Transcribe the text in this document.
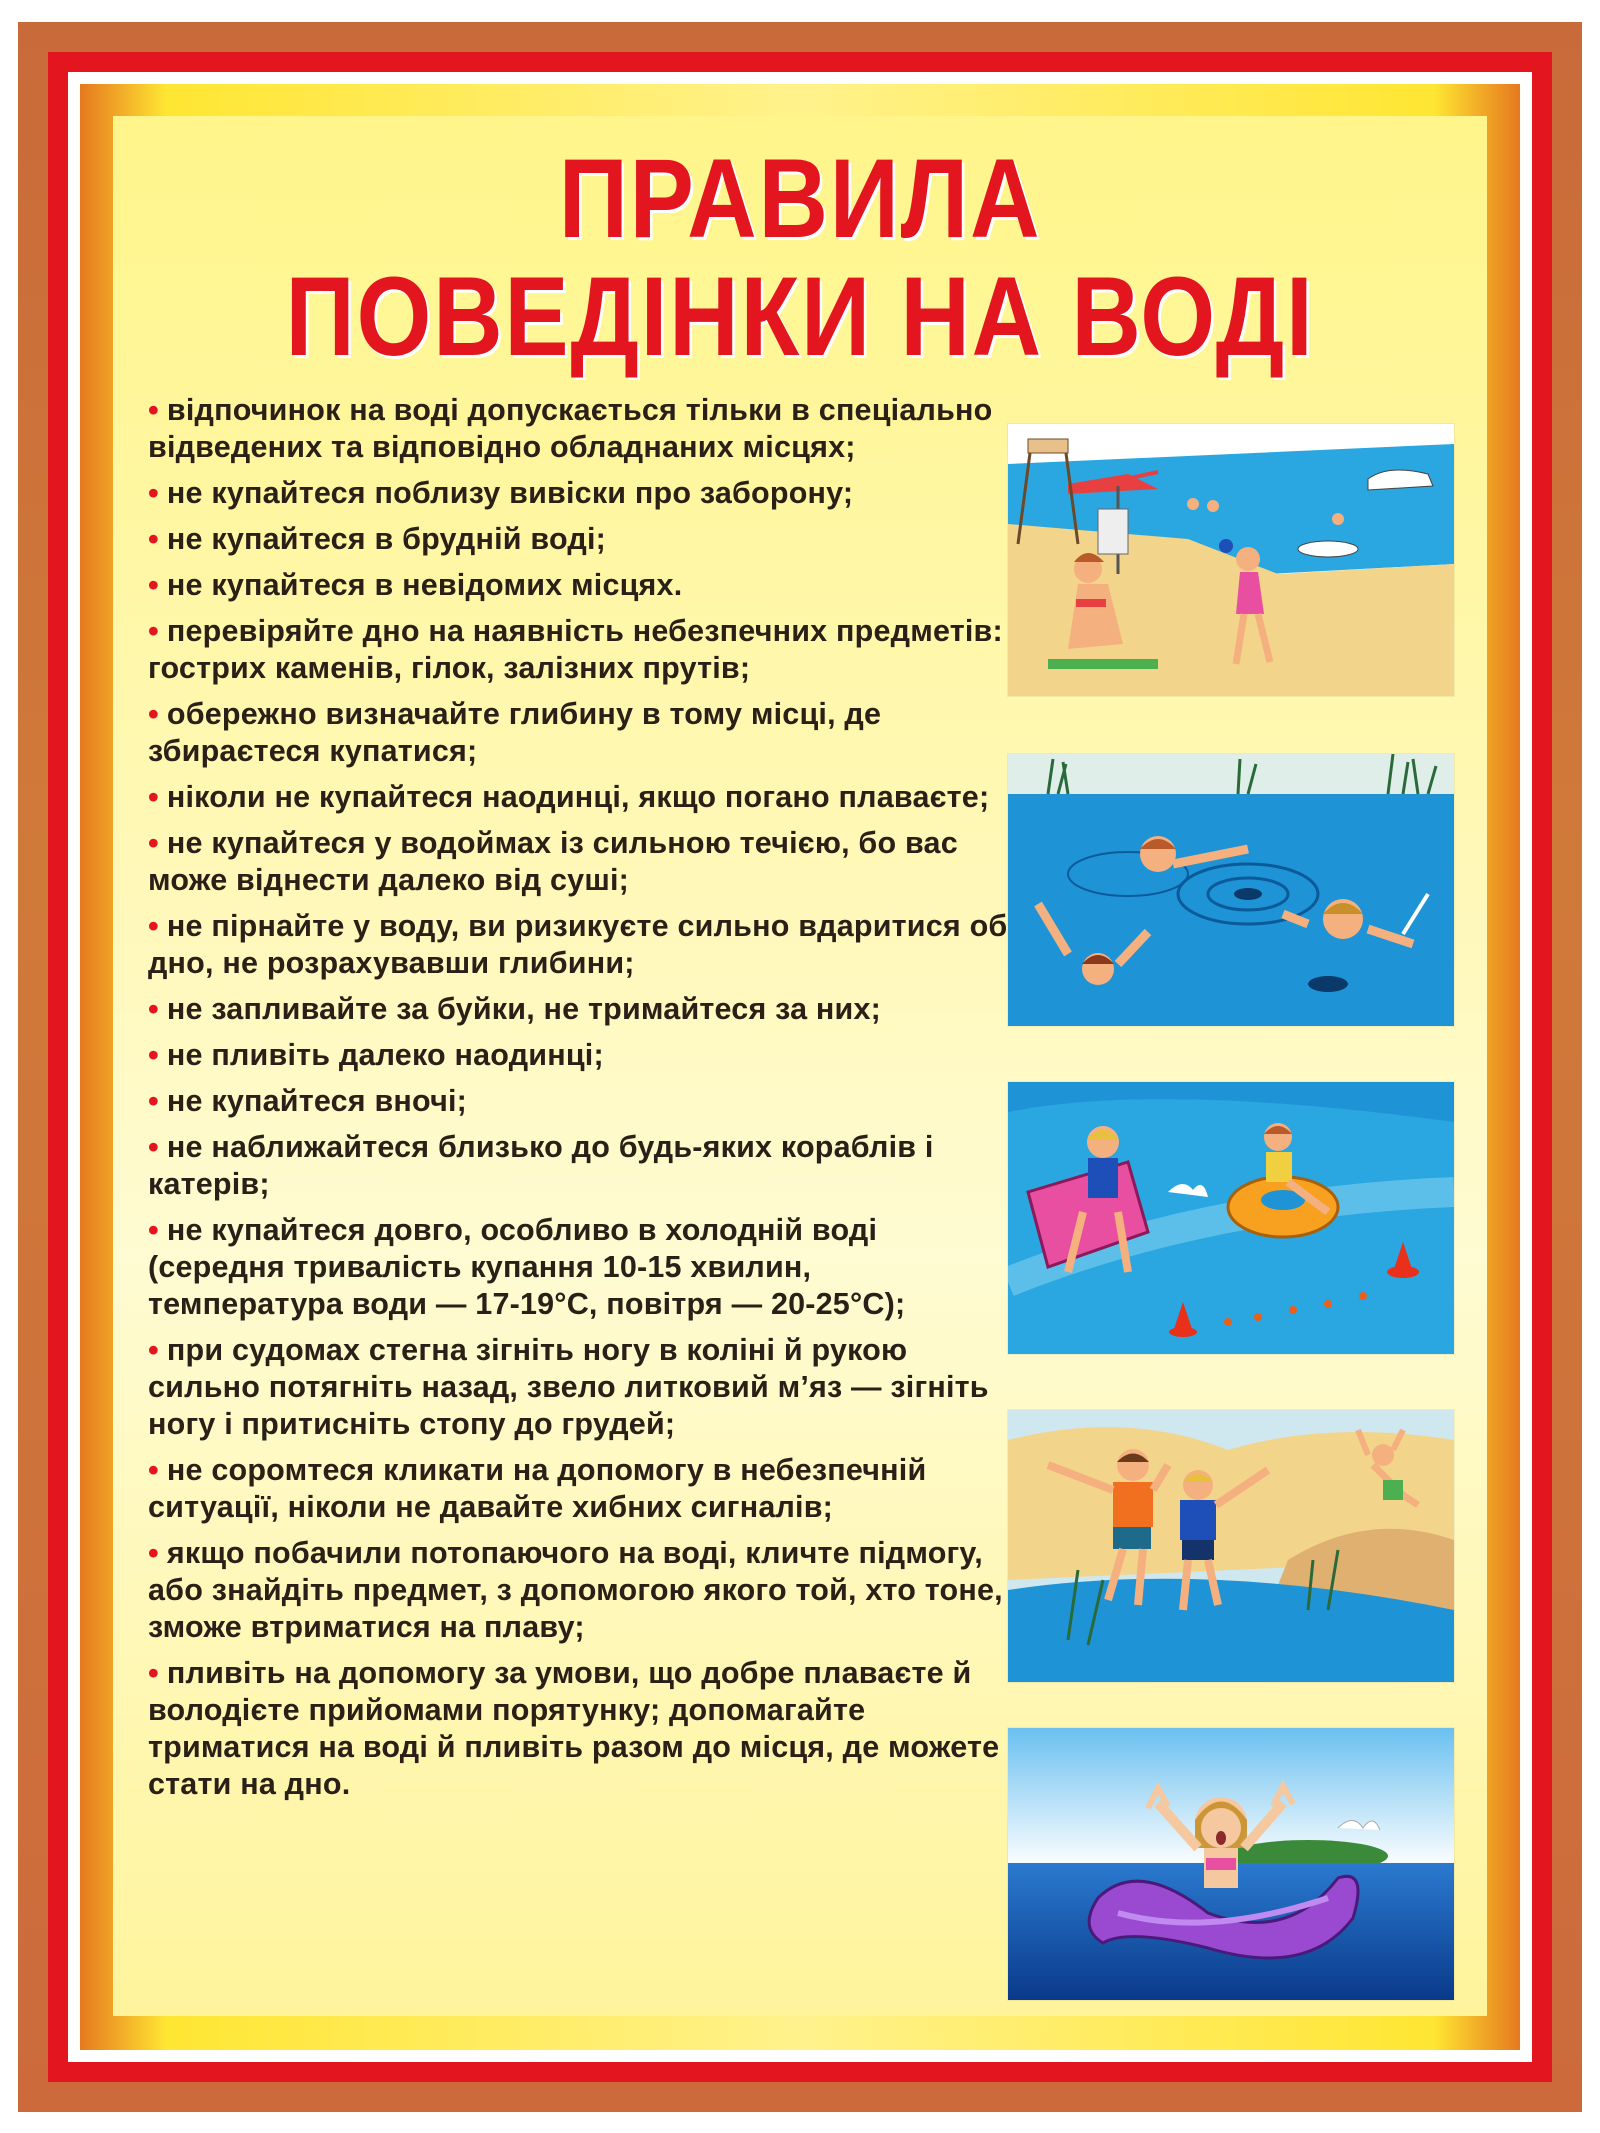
ПРАВИЛА
ПОВЕДІНКИ НА ВОДІ
• відпочинок на воді допускається тільки в спеціально відведених та відповідно обладнаних місцях;
• не купайтеся поблизу вивіски про заборону;
• не купайтеся в брудній воді;
• не купайтеся в невідомих місцях.
• перевіряйте дно на наявність небезпечних предметів: гострих каменів, гілок, залізних прутів;
• обережно визначайте глибину в тому місці, де збираєтеся купатися;
• ніколи не купайтеся наодинці, якщо погано плаваєте;
• не купайтеся у водоймах із сильною течією, бо вас може віднести далеко від суші;
• не пірнайте у воду, ви ризикуєте сильно вдаритися об дно, не розрахувавши глибини;
• не запливайте за буйки, не тримайтеся за них;
• не пливіть далеко наодинці;
• не купайтеся вночі;
• не наближайтеся близько до будь-яких кораблів і катерів;
• не купайтеся довго, особливо в холодній воді (середня тривалість купання 10-15 хвилин, температура води — 17-19°С, повітря — 20-25°С);
• при судомах стегна зігніть ногу в коліні й рукою сильно потягніть назад, звело литковий м’яз — зігніть ногу і притисніть стопу до грудей;
• не соромтеся кликати на допомогу в небезпечній ситуації, ніколи не давайте хибних сигналів;
• якщо побачили потопаючого на воді, кличте підмогу, або знайдіть предмет, з допомогою якого той, хто тоне, зможе втриматися на плаву;
• пливіть на допомогу за умови, що добре плаваєте й володієте прийомами порятунку; допомагайте триматися на воді й пливіть разом до місця, де можете стати на дно.
